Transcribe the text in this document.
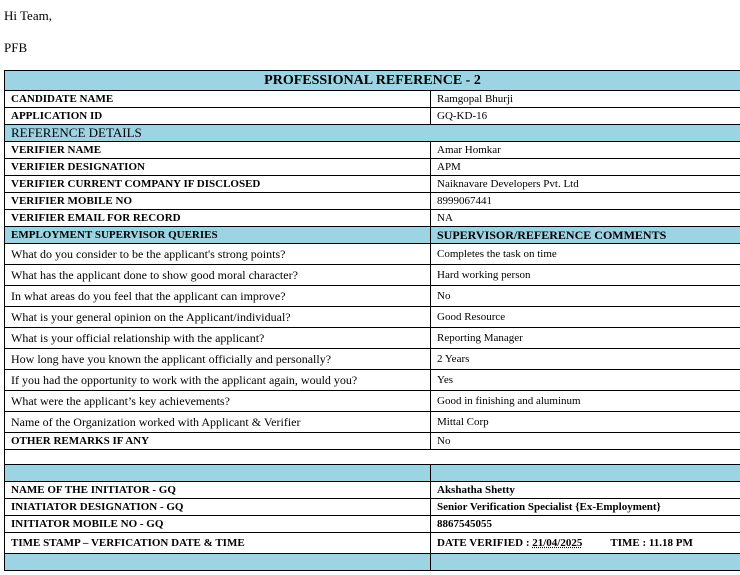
Hi Team,
PFB
PROFESSIONAL REFERENCE - 2	
CANDIDATE NAME	Ramgopal Bhurji
APPLICATION ID	GQ-KD-16
REFERENCE DETAILS	
VERIFIER NAME	Amar Homkar
VERIFIER DESIGNATION	APM
VERIFIER CURRENT COMPANY IF DISCLOSED	Naiknavare Developers Pvt. Ltd
VERIFIER MOBILE NO	8999067441
VERIFIER EMAIL FOR RECORD	NA
EMPLOYMENT SUPERVISOR QUERIES	SUPERVISOR/REFERENCE COMMENTS
What do you consider to be the applicant's strong points?	Completes the task on time
What has the applicant done to show good moral character?	Hard working person
In what areas do you feel that the applicant can improve?	No
What is your general opinion on the Applicant/individual?	Good Resource
What is your official relationship with the applicant?	Reporting Manager
How long have you known the applicant officially and personally?	2 Years
If you had the opportunity to work with the applicant again, would you?	Yes
What were the applicant’s key achievements?	Good in finishing and aluminum
Name of the Organization worked with Applicant & Verifier	Mittal Corp
OTHER REMARKS IF ANY	No

NAME OF THE INITIATOR - GQ	Akshatha Shetty
INIATIATOR DESIGNATION - GQ	Senior Verification Specialist {Ex-Employment}
INITIATOR MOBILE NO - GQ	8867545055
TIME STAMP – VERFICATION DATE & TIME	DATE VERIFIED : 21/04/2025 TIME : 11.18 PM
